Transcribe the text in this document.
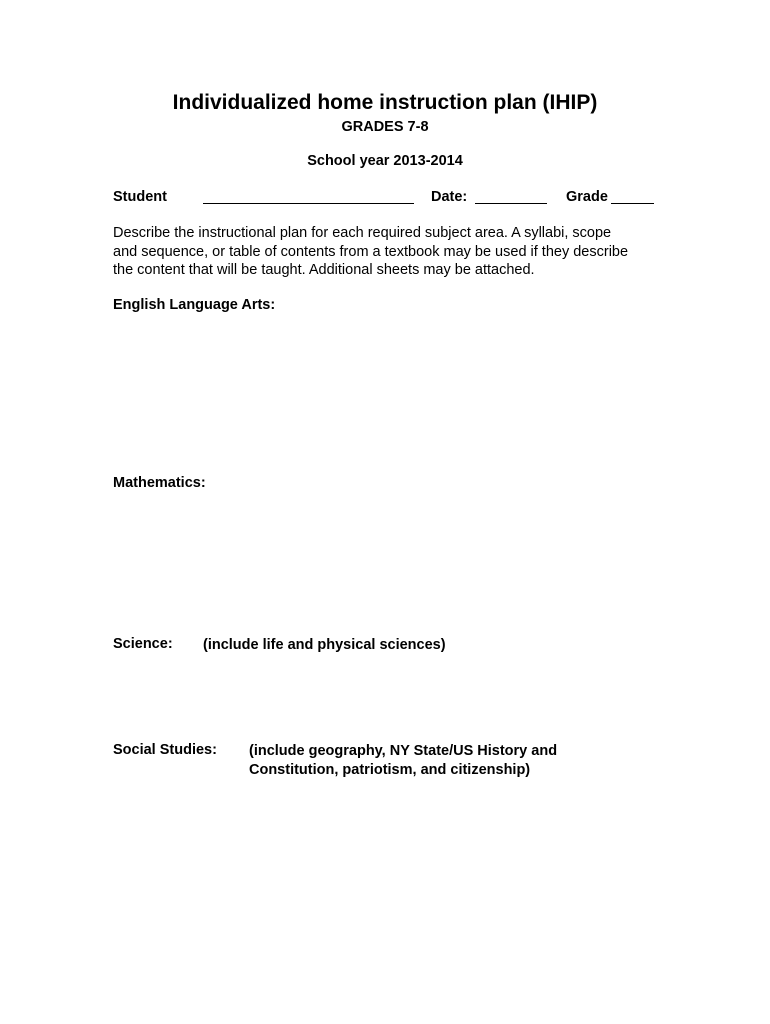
Individualized home instruction plan (IHIP)
GRADES 7-8
School year 2013-2014
Student	Date:	Grade
Describe the instructional plan for each required subject area. A syllabi, scope
and sequence, or table of contents from a textbook may be used if they describe
the content that will be taught. Additional sheets may be attached.
English Language Arts:
Mathematics:
Science: (include life and physical sciences)
Social Studies: (include geography, NY State/US History and
Constitution, patriotism, and citizenship)
